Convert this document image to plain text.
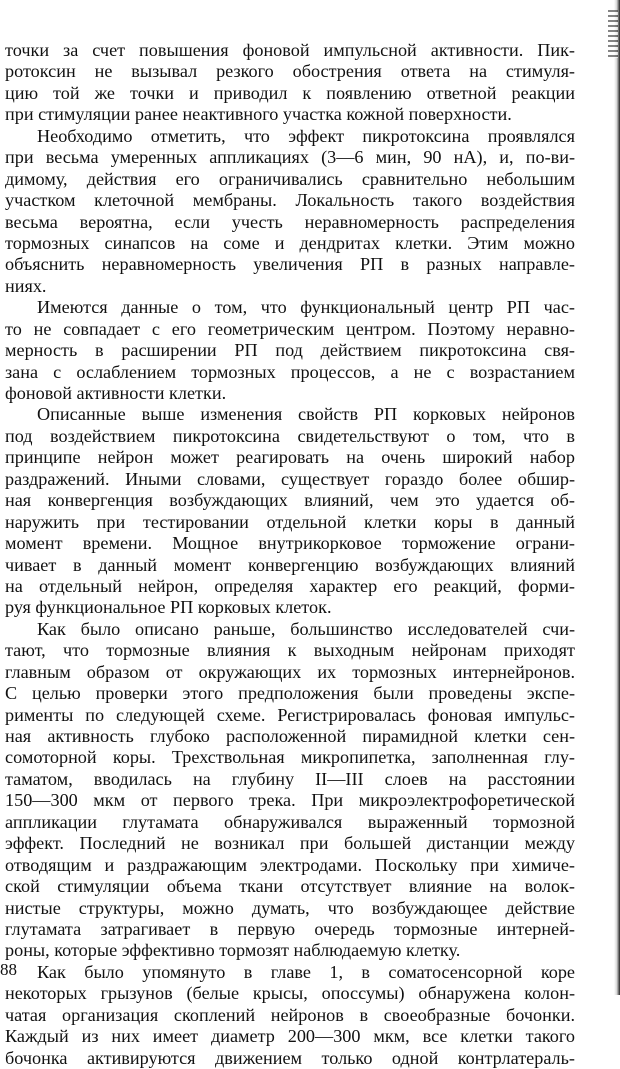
точки за счет повышения фоновой импульсной активности. Пик-
ротоксин не вызывал резкого обострения ответа на стимуля-
цию той же точки и приводил к появлению ответной реакции
при стимуляции ранее неактивного участка кожной поверхности.
Необходимо отметить, что эффект пикротоксина проявлялся
при весьма умеренных аппликациях (3—6 мин, 90 нА), и, по-ви-
димому, действия его ограничивались сравнительно небольшим
участком клеточной мембраны. Локальность такого воздействия
весьма вероятна, если учесть неравномерность распределения
тормозных синапсов на соме и дендритах клетки. Этим можно
объяснить неравномерность увеличения РП в разных направле-
ниях.
Имеются данные о том, что функциональный центр РП час-
то не совпадает с его геометрическим центром. Поэтому неравно-
мерность в расширении РП под действием пикротоксина свя-
зана с ослаблением тормозных процессов, а не с возрастанием
фоновой активности клетки.
Описанные выше изменения свойств РП корковых нейронов
под воздействием пикротоксина свидетельствуют о том, что в
принципе нейрон может реагировать на очень широкий набор
раздражений. Иными словами, существует гораздо более обшир-
ная конвергенция возбуждающих влияний, чем это удается об-
наружить при тестировании отдельной клетки коры в данный
момент времени. Мощное внутрикорковое торможение ограни-
чивает в данный момент конвергенцию возбуждающих влияний
на отдельный нейрон, определяя характер его реакций, форми-
руя функциональное РП корковых клеток.
Как было описано раньше, большинство исследователей счи-
тают, что тормозные влияния к выходным нейронам приходят
главным образом от окружающих их тормозных интернейронов.
С целью проверки этого предположения были проведены экспе-
рименты по следующей схеме. Регистрировалась фоновая импульс-
ная активность глубоко расположенной пирамидной клетки сен-
сомоторной коры. Трехствольная микропипетка, заполненная глу-
таматом, вводилась на глубину II—III слоев на расстоянии
150—300 мкм от первого трека. При микроэлектрофоретической
аппликации глутамата обнаруживался выраженный тормозной
эффект. Последний не возникал при большей дистанции между
отводящим и раздражающим электродами. Поскольку при химиче-
ской стимуляции объема ткани отсутствует влияние на волок-
нистые структуры, можно думать, что возбуждающее действие
глутамата затрагивает в первую очередь тормозные интерней-
роны, которые эффективно тормозят наблюдаемую клетку.
Как было упомянуто в главе 1, в соматосенсорной коре
некоторых грызунов (белые крысы, опоссумы) обнаружена колон-
чатая организация скоплений нейронов в своеобразные бочонки.
Каждый из них имеет диаметр 200—300 мкм, все клетки такого
бочонка активируются движением только одной контрлатераль-
88
